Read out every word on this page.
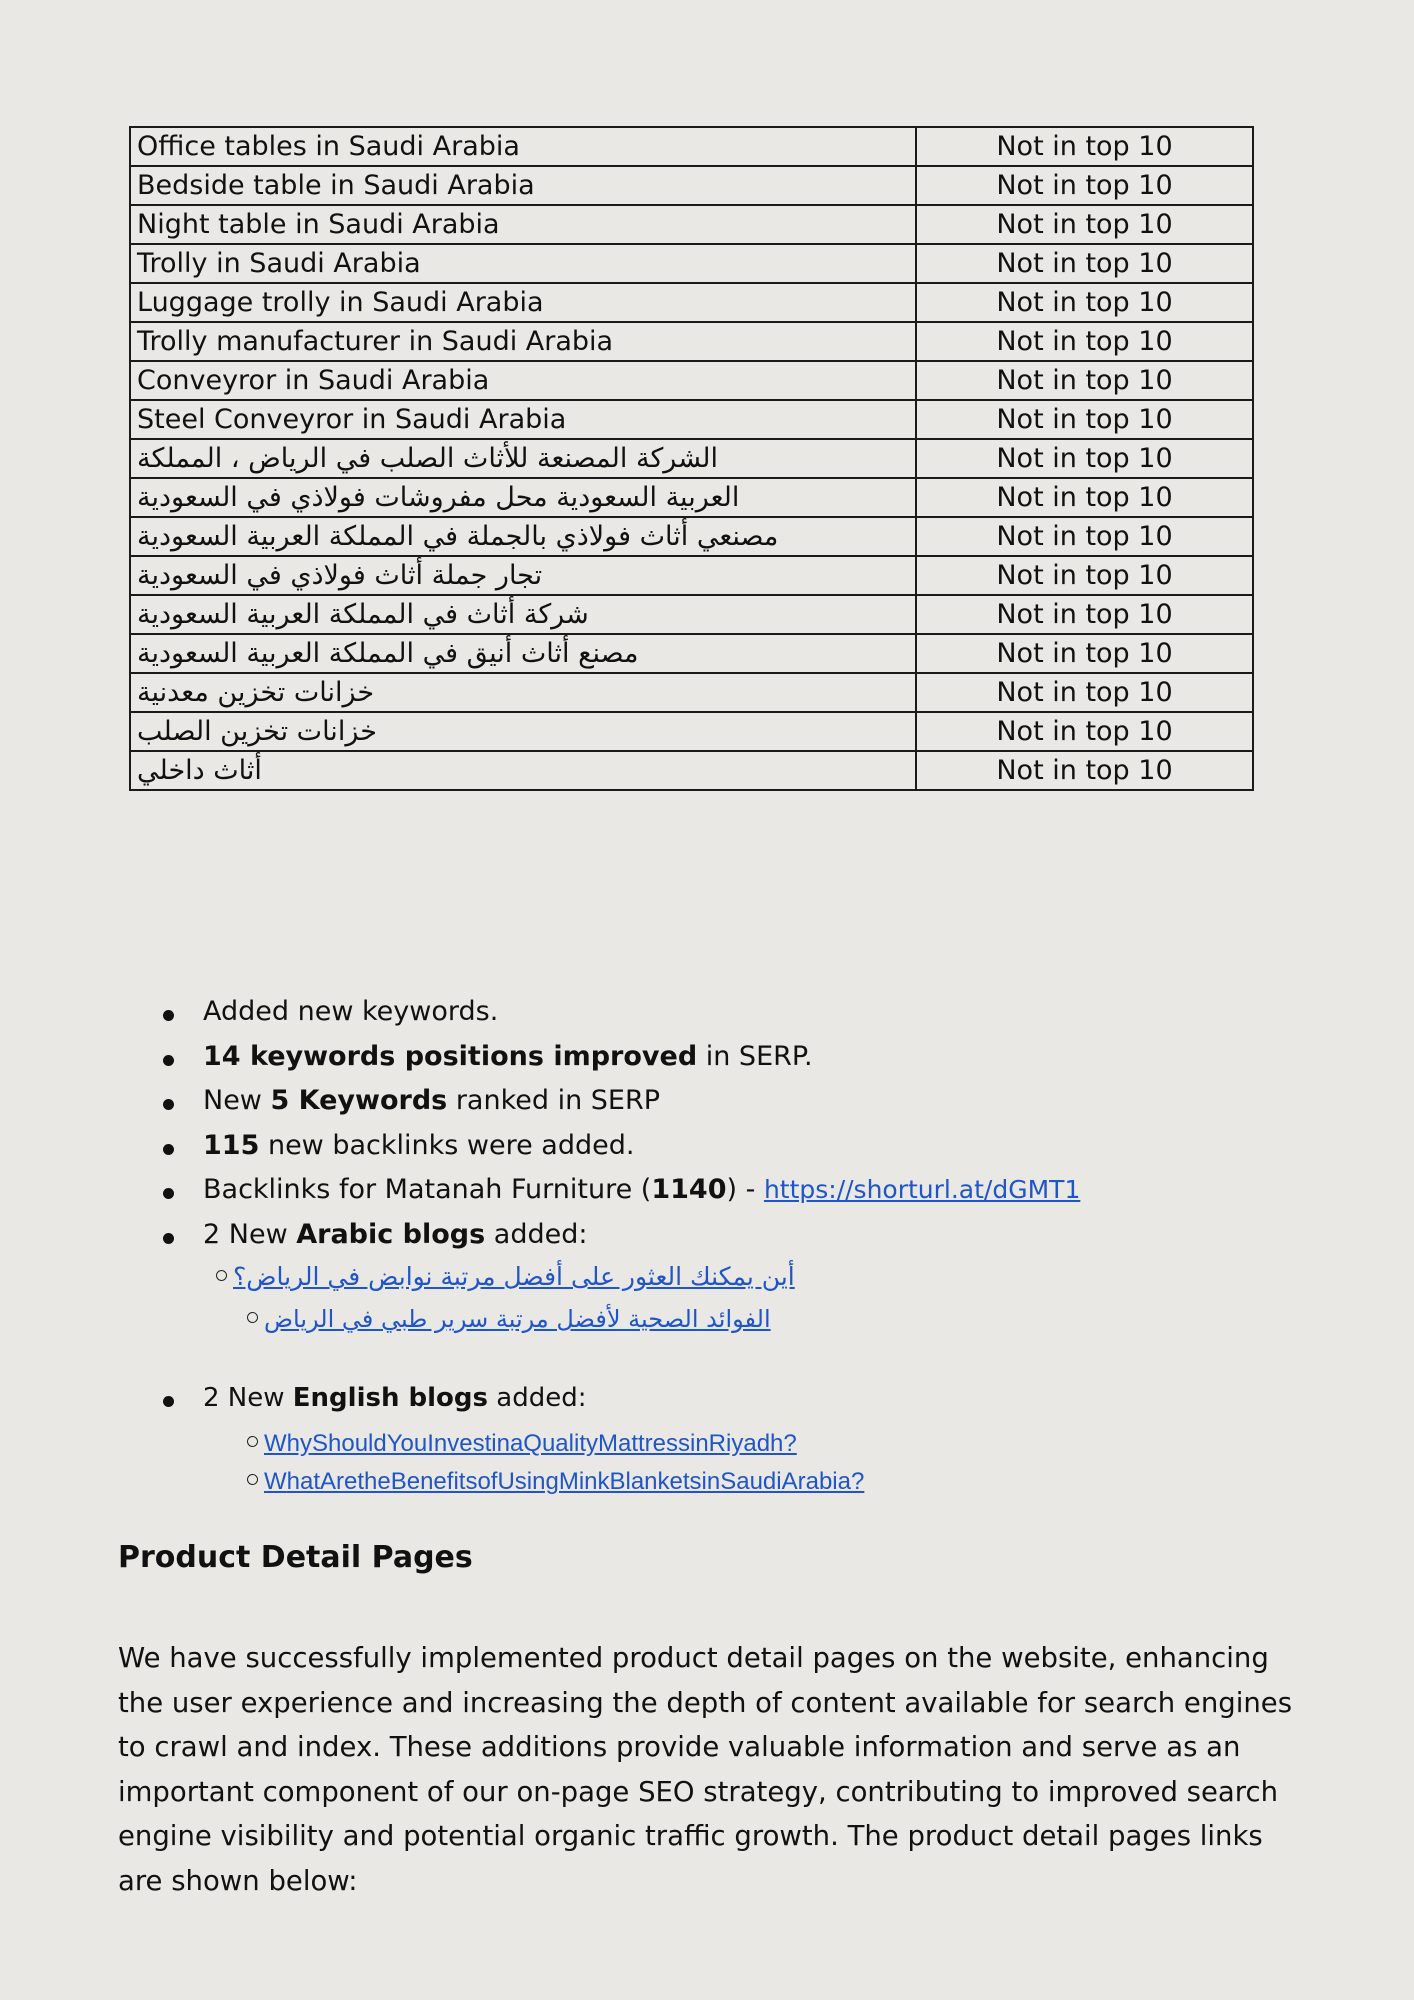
Office tables in Saudi Arabia	Not in top 10
Bedside table in Saudi Arabia	Not in top 10
Night table in Saudi Arabia	Not in top 10
Trolly in Saudi Arabia	Not in top 10
Luggage trolly in Saudi Arabia	Not in top 10
Trolly manufacturer in Saudi Arabia	Not in top 10
Conveyror in Saudi Arabia	Not in top 10
Steel Conveyror in Saudi Arabia	Not in top 10

الشركة المصنعة للأثاث الصلب في الرياض ، المملكة	Not in top 10

العربية السعودية محل مفروشات فولاذي في السعودية	Not in top 10

مصنعي أثاث فولاذي بالجملة في المملكة العربية السعودية	Not in top 10

تجار جملة أثاث فولاذي في السعودية	Not in top 10

شركة أثاث في المملكة العربية السعودية	Not in top 10

مصنع أثاث أنيق في المملكة العربية السعودية	Not in top 10

خزانات تخزين معدنية	Not in top 10

خزانات تخزين الصلب	Not in top 10

أثاث داخلي	Not in top 10
Added new keywords.
14 keywords positions improved in SERP.
New 5 Keywords ranked in SERP
115 new backlinks were added.
Backlinks for Matanah Furniture (1140) - https://shorturl.at/dGMT1
2 New Arabic blogs added:
أين يمكنك العثور على أفضل مرتبة نوابض في الرياض؟
الفوائد الصحية لأفضل مرتبة سرير طبي في الرياض
2 New English blogs added:
WhyShouldYouInvestinaQualityMattressinRiyadh?
WhatAretheBenefitsofUsingMinkBlanketsinSaudiArabia?
Product Detail Pages

We have successfully implemented product detail pages on the website, enhancing the user experience and increasing the depth of content available for search engines to crawl and index. These additions provide valuable information and serve as an important component of our on-page SEO strategy, contributing to improved search engine visibility and potential organic traffic growth. The product detail pages links are shown below:
